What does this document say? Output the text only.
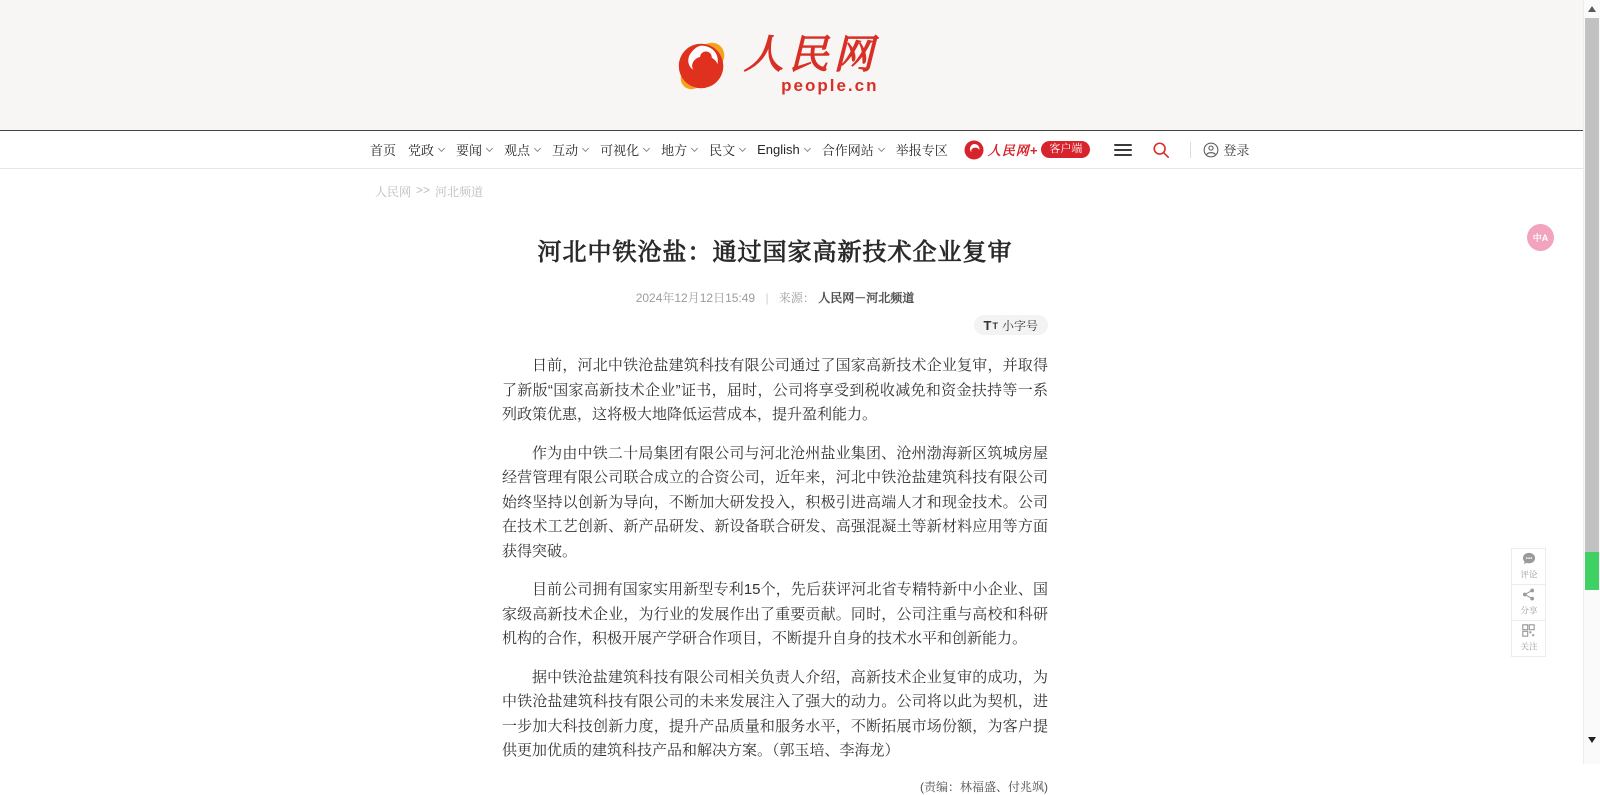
人民网
people.cn
首页 党政 要闻 观点 互动 可视化 地方 民文 English 合作网站 举报专区	人民网+	客户端	登录
人民网 >> 河北频道
河北中铁沧盐：通过国家高新技术企业复审
2024年12月12日15:49 | 来源： 人民网－河北频道
T T 小字号

日前，河北中铁沧盐建筑科技有限公司通过了国家高新技术企业复审，并取得了新版“国家高新技术企业”证书，届时，公司将享受到税收减免和资金扶持等一系列政策优惠，这将极大地降低运营成本，提升盈利能力。

作为由中铁二十局集团有限公司与河北沧州盐业集团、沧州渤海新区筑城房屋经营管理有限公司联合成立的合资公司，近年来，河北中铁沧盐建筑科技有限公司始终坚持以创新为导向，不断加大研发投入，积极引进高端人才和现金技术。公司在技术工艺创新、新产品研发、新设备联合研发、高强混凝土等新材料应用等方面获得突破。

目前公司拥有国家实用新型专利15个，先后获评河北省专精特新中小企业、国家级高新技术企业，为行业的发展作出了重要贡献。同时，公司注重与高校和科研机构的合作，积极开展产学研合作项目，不断提升自身的技术水平和创新能力。

据中铁沧盐建筑科技有限公司相关负责人介绍，高新技术企业复审的成功，为中铁沧盐建筑科技有限公司的未来发展注入了强大的动力。公司将以此为契机，进一步加大科技创新力度，提升产品质量和服务水平，不断拓展市场份额，为客户提供更加优质的建筑科技产品和解决方案。（郭玉培、李海龙）

(责编：林福盛、付兆飒)
评论
分享
关注
中A
